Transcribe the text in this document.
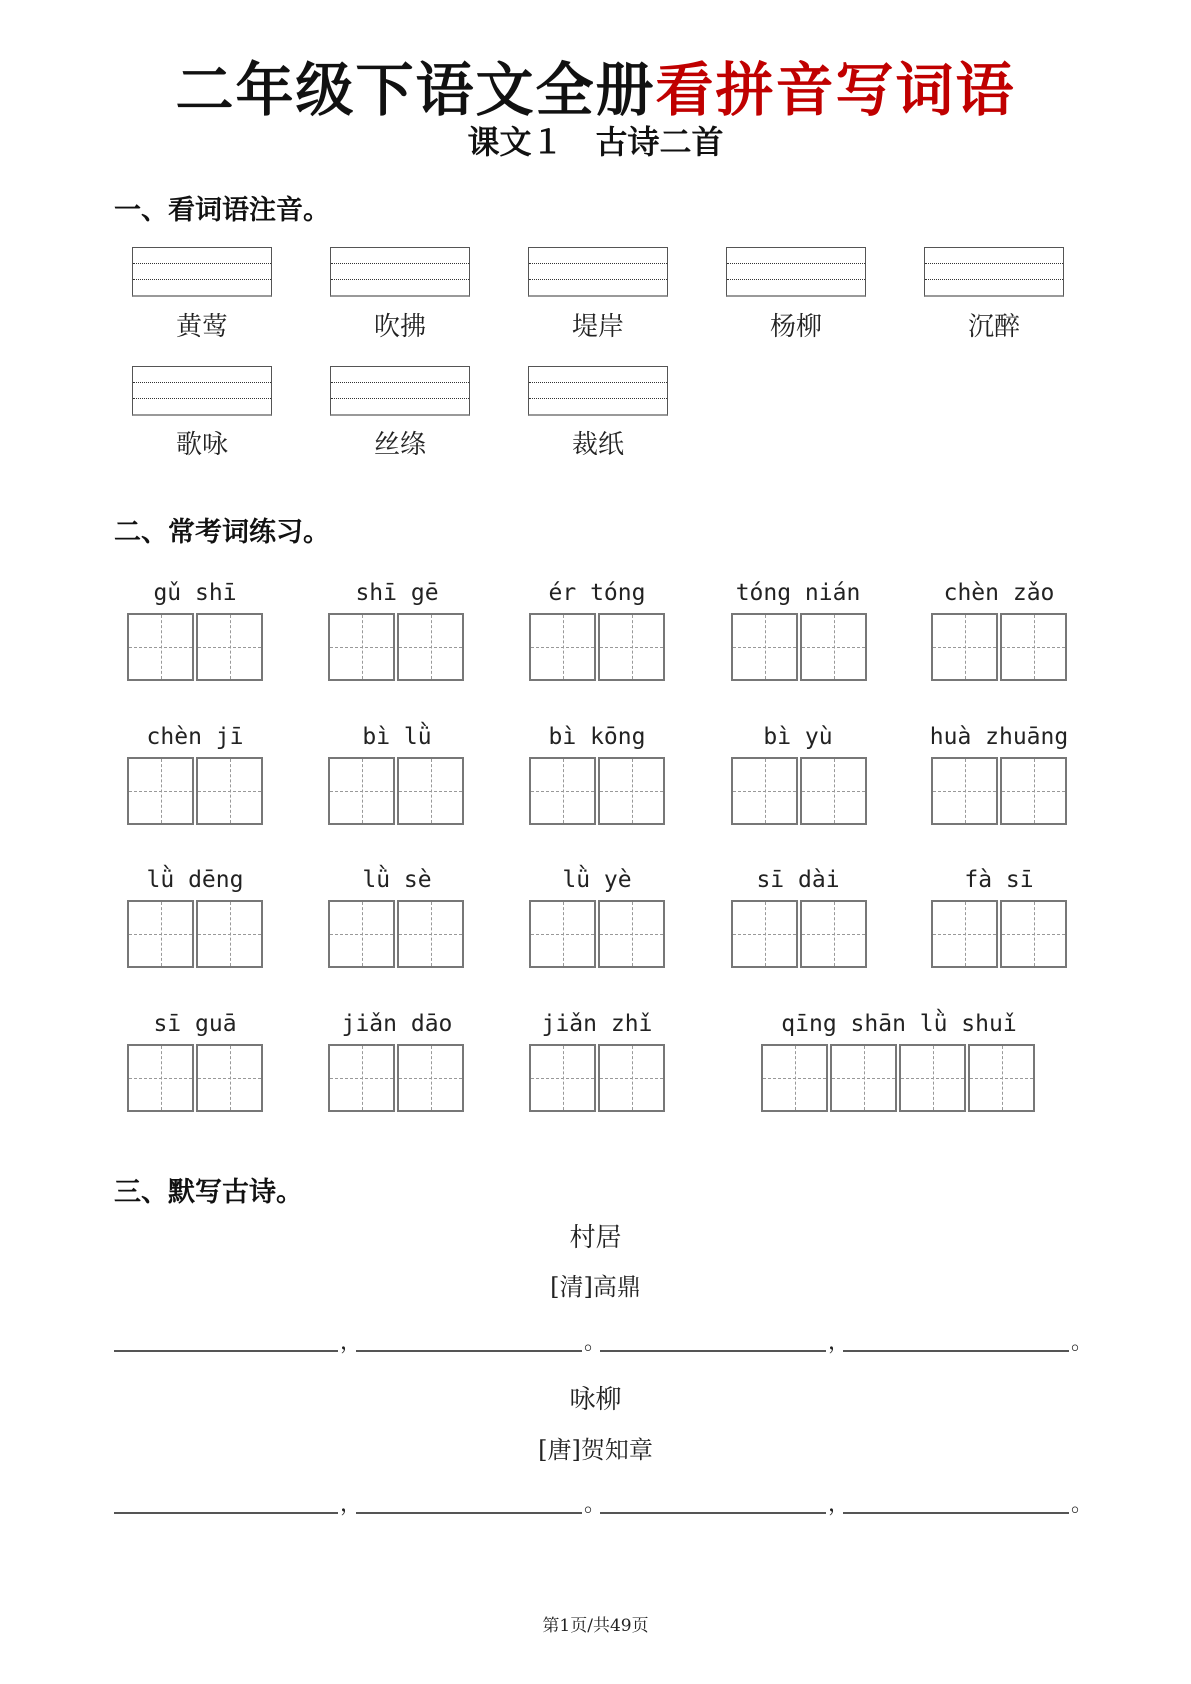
二年级下语文全册看拼音写词语
课文１　古诗二首
一、看词语注音。
黄莺	吹拂	堤岸	杨柳	沉醉
歌咏	丝绦	裁纸
二、常考词练习。
gǔ shī	shī gē	ér tóng	tóng nián	chèn zǎo
chèn jī	bì lǜ	bì kōng	bì yù	huà zhuāng
lǜ dēng	lǜ sè	lǜ yè	sī dài	fà sī
sī guā	jiǎn dāo	jiǎn zhǐ	qīng shān lǜ shuǐ
三、默写古诗。
村居
[清]高鼎
，	。	，	。
咏柳
[唐]贺知章
，	。	，	。
第1页/共49页
